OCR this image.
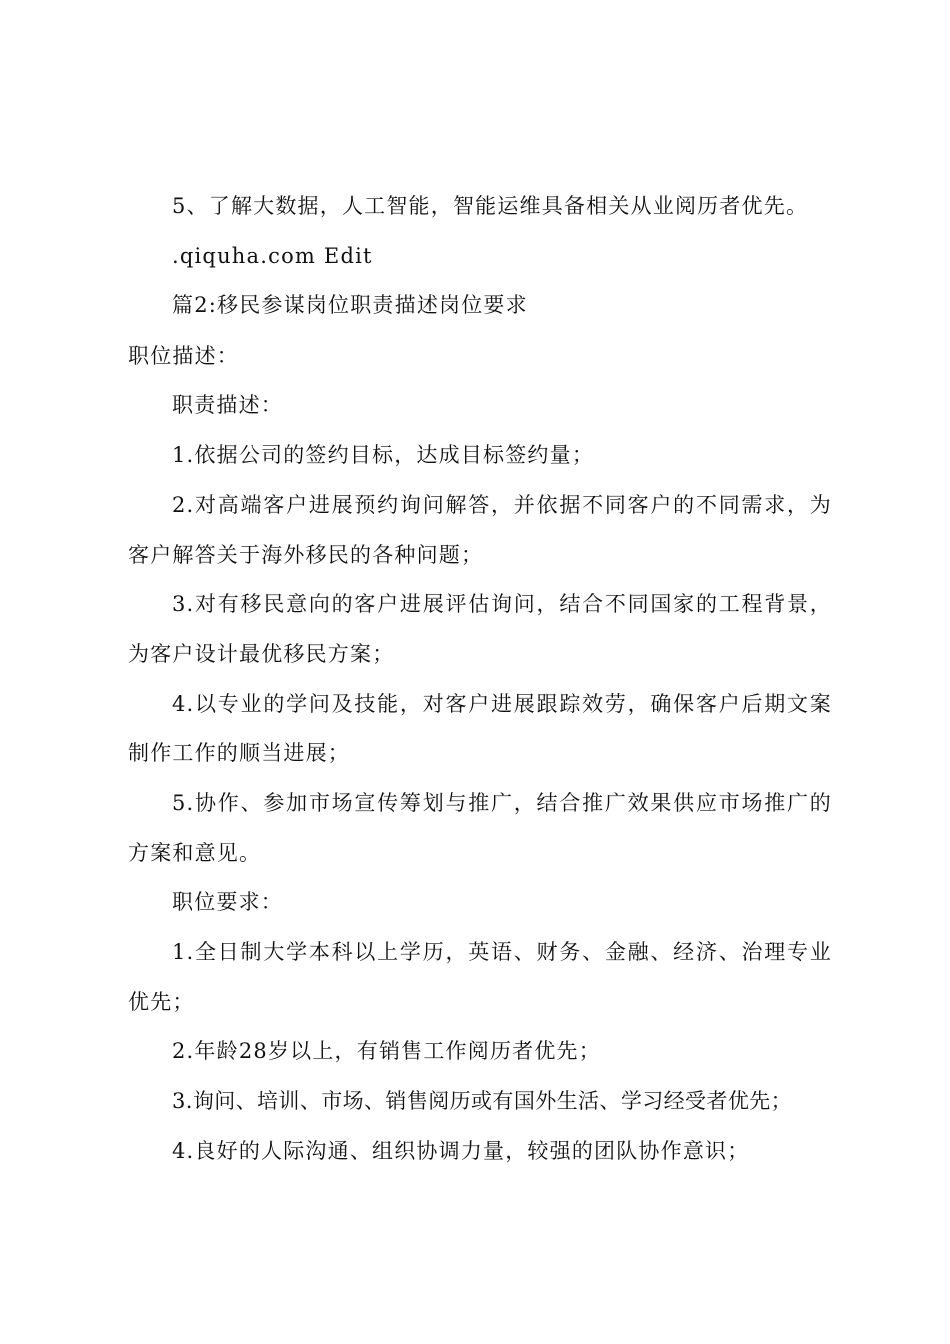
5、了解大数据，人工智能，智能运维具备相关从业阅历者优先。
.qiquha.com Edit
篇2:移民参谋岗位职责描述岗位要求
职位描述：
职责描述：
1.依据公司的签约目标，达成目标签约量；
2.对高端客户进展预约询问解答，并依据不同客户的不同需求，为
客户解答关于海外移民的各种问题；
3.对有移民意向的客户进展评估询问，结合不同国家的工程背景，
为客户设计最优移民方案；
4.以专业的学问及技能，对客户进展跟踪效劳，确保客户后期文案
制作工作的顺当进展；
5.协作、参加市场宣传筹划与推广，结合推广效果供应市场推广的
方案和意见。
职位要求：
1.全日制大学本科以上学历，英语、财务、金融、经济、治理专业
优先；
2.年龄28岁以上，有销售工作阅历者优先；
3.询问、培训、市场、销售阅历或有国外生活、学习经受者优先；
4.良好的人际沟通、组织协调力量，较强的团队协作意识；
